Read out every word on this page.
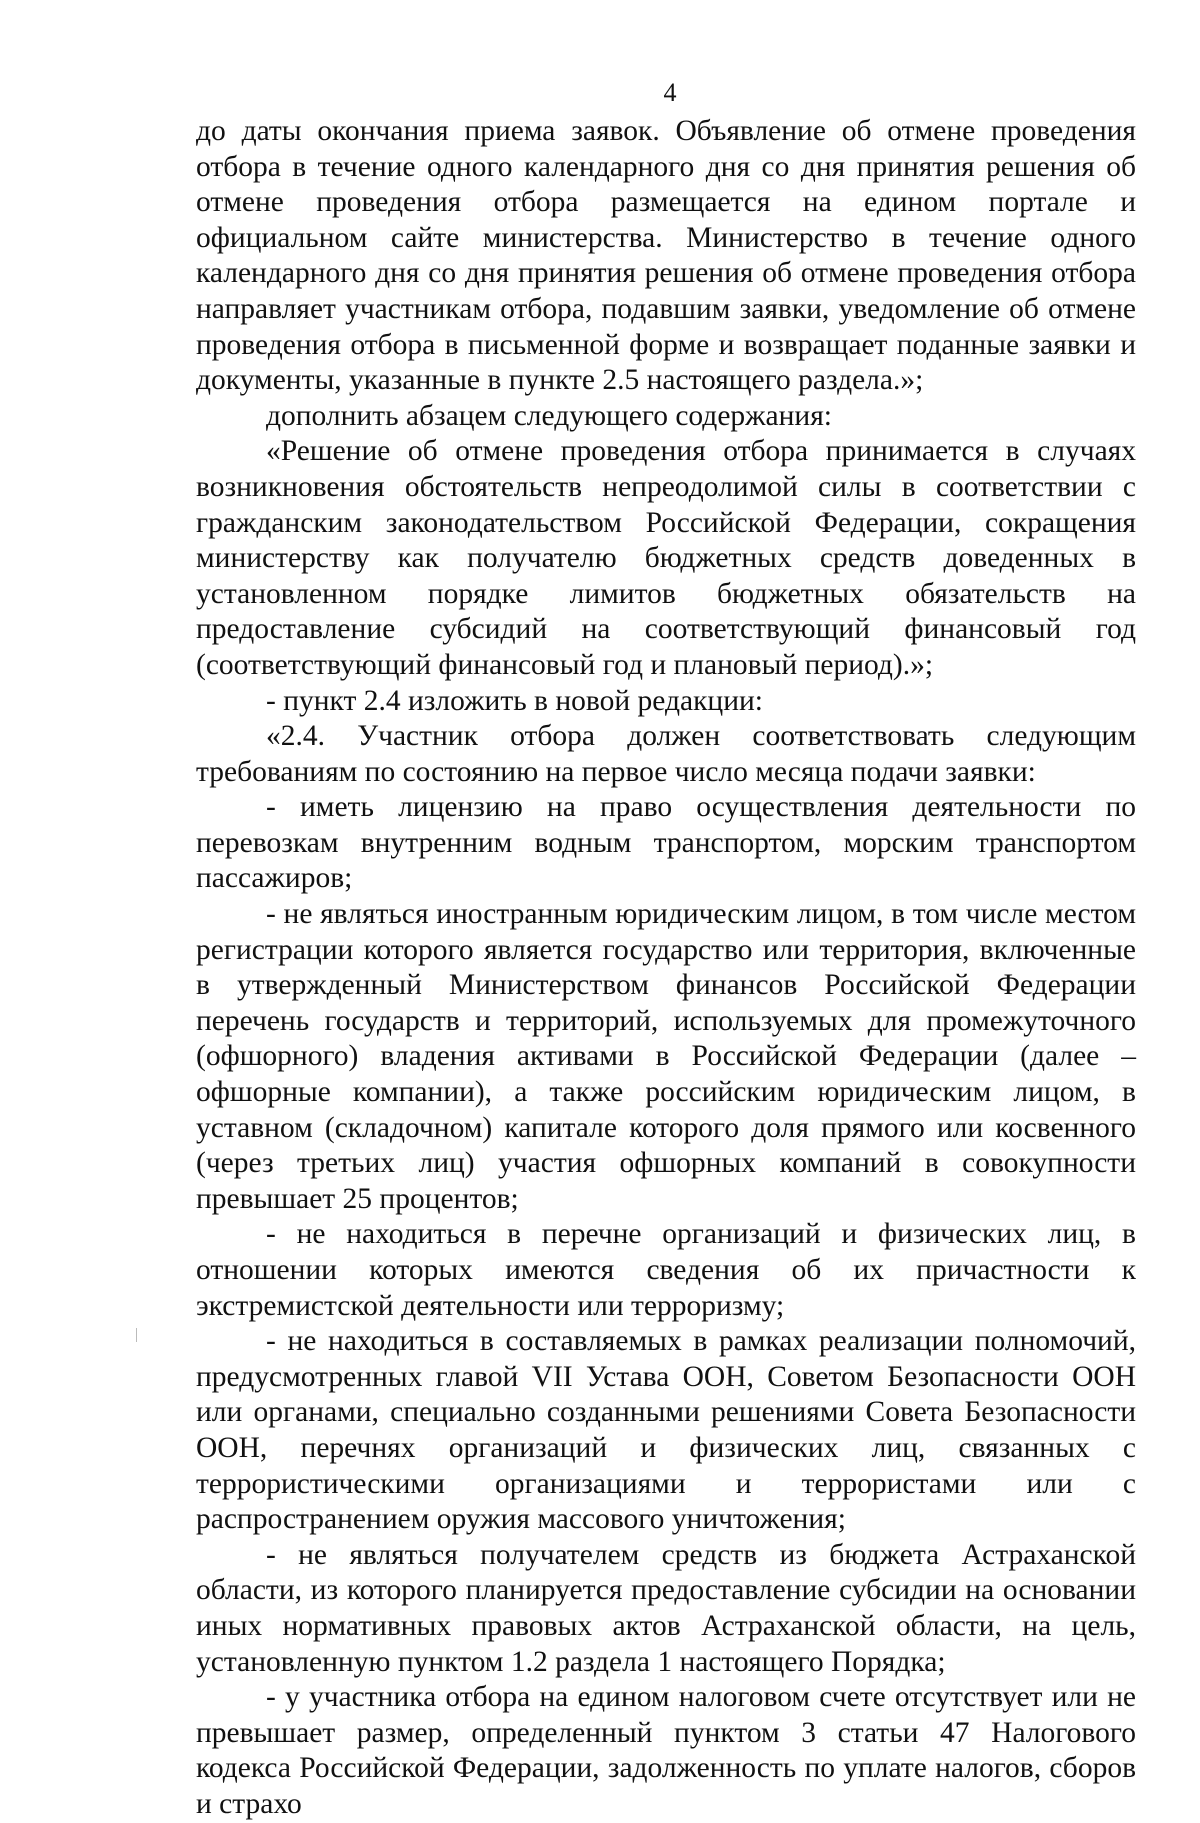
4

до даты окончания приема заявок. Объявление об отмене проведения отбора в течение одного календарного дня со дня принятия решения об отмене проведения отбора размещается на едином портале и официальном сайте министерства. Министерство в течение одного календарного дня со дня принятия решения об отмене проведения отбора направляет участникам отбора, подавшим заявки, уведомление об отмене проведения отбора в письменной форме и возвращает поданные заявки и документы, указанные в пункте 2.5 настоящего раздела.»;

дополнить абзацем следующего содержания:

«Решение об отмене проведения отбора принимается в случаях возникновения обстоятельств непреодолимой силы в соответствии с гражданским законодательством Российской Федерации, сокращения министерству как получателю бюджетных средств доведенных в установленном порядке лимитов бюджетных обязательств на предоставление субсидий на соответствующий финансовый год (соответствующий финансовый год и плановый период).»;

- пункт 2.4 изложить в новой редакции:

«2.4. Участник отбора должен соответствовать следующим требованиям по состоянию на первое число месяца подачи заявки:

- иметь лицензию на право осуществления деятельности по перевозкам внутренним водным транспортом, морским транспортом пассажиров;

- не являться иностранным юридическим лицом, в том числе местом регистрации которого является государство или территория, включенные в утвержденный Министерством финансов Российской Федерации перечень государств и территорий, используемых для промежуточного (офшорного) владения активами в Российской Федерации (далее – офшорные компании), а также российским юридическим лицом, в уставном (складочном) капитале которого доля прямого или косвенного (через третьих лиц) участия офшорных компаний в совокупности превышает 25 процентов;

- не находиться в перечне организаций и физических лиц, в отношении которых имеются сведения об их причастности к экстремистской деятельности или терроризму;

- не находиться в составляемых в рамках реализации полномочий, предусмотренных главой VII Устава ООН, Советом Безопасности ООН или органами, специально созданными решениями Совета Безопасности ООН, перечнях организаций и физических лиц, связанных с террористическими организациями и террористами или с распространением оружия массового уничтожения;

- не являться получателем средств из бюджета Астраханской области, из которого планируется предоставление субсидии на основании иных нормативных правовых актов Астраханской области, на цель, установленную пунктом 1.2 раздела 1 настоящего Порядка;

- у участника отбора на едином налоговом счете отсутствует или не превышает размер, определенный пунктом 3 статьи 47 Налогового кодекса Российской Федерации, задолженность по уплате налогов, сборов и страхо
